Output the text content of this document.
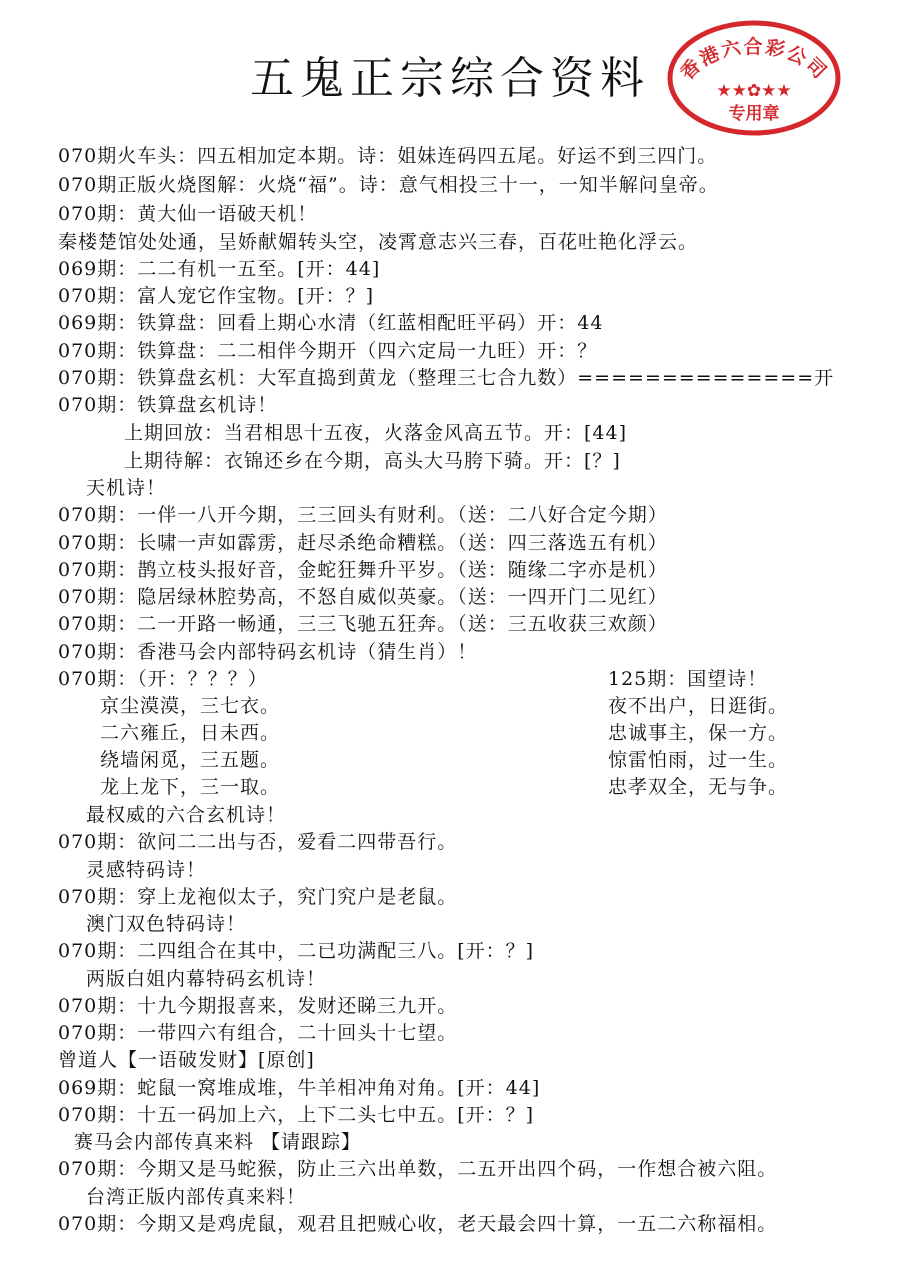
五鬼正宗综合资料	香港六合彩公司
★★✿★★
专用章
070期火车头：四五相加定本期。诗：姐妹连码四五尾。好运不到三四门。
070期正版火烧图解：火烧“福”。诗：意气相投三十一，一知半解问皇帝。
070期：黄大仙一语破天机！
秦楼楚馆处处通，呈娇献媚转头空，凌霄意志兴三春，百花吐艳化浮云。
069期：二二有机一五至。[开：44]
070期：富人宠它作宝物。[开：？]
069期：铁算盘：回看上期心水清（红蓝相配旺平码）开：44
070期：铁算盘：二二相伴今期开（四六定局一九旺）开：？
070期：铁算盘玄机：大军直捣到黄龙（整理三七合九数）==============开
070期：铁算盘玄机诗！
上期回放：当君相思十五夜，火落金风高五节。开：[44]
上期待解：衣锦还乡在今期，高头大马胯下骑。开：[？]
天机诗！
070期：一伴一八开今期，三三回头有财利。（送：二八好合定今期）
070期：长啸一声如霹雳，赶尽杀绝命糟糕。（送：四三落选五有机）
070期：鹊立枝头报好音，金蛇狂舞升平岁。（送：随缘二字亦是机）
070期：隐居绿林腔势高，不怒自威似英豪。（送：一四开门二见红）
070期：二一开路一畅通，三三飞驰五狂奔。（送：三五收获三欢颜）
070期：香港马会内部特码玄机诗（猜生肖）！
070期：（开：？？？）
京尘漠漠，三七衣。
二六雍丘，日未西。
绕墙闲觅，三五题。
龙上龙下，三一取。
最权威的六合玄机诗！
070期：欲问二二出与否，爱看二四带吾行。
灵感特码诗！
070期：穿上龙袍似太子，究门究户是老鼠。
澳门双色特码诗！
070期：二四组合在其中，二已功满配三八。[开：？]
两版白姐内幕特码玄机诗！
070期：十九今期报喜来，发财还睇三九开。
070期：一带四六有组合，二十回头十七望。
曾道人【一语破发财】[原创]
069期：蛇鼠一窝堆成堆，牛羊相冲角对角。[开：44]
070期：十五一码加上六，上下二头七中五。[开：？]
赛马会内部传真来料 【请跟踪】
070期：今期又是马蛇猴，防止三六出单数，二五开出四个码，一作想合被六阻。
台湾正版内部传真来料！
070期：今期又是鸡虎鼠，观君且把贼心收，老天最会四十算，一五二六称福相。
125期：国望诗！
夜不出户，日逛街。
忠诚事主，保一方。
惊雷怕雨，过一生。
忠孝双全，无与争。
